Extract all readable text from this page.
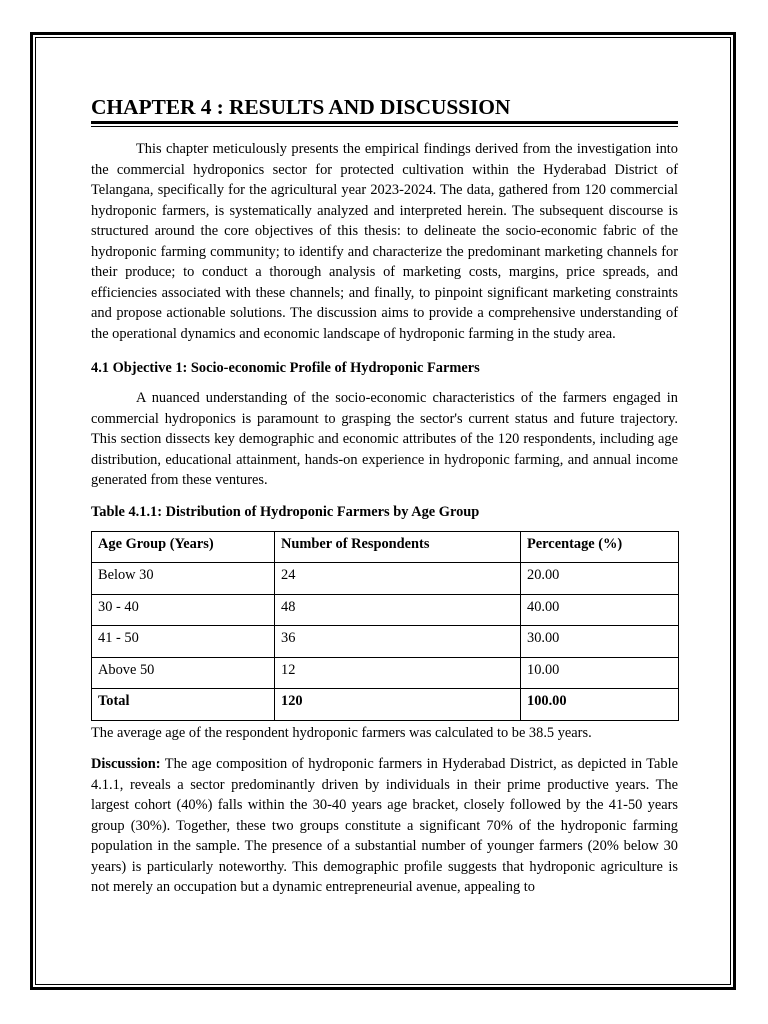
CHAPTER 4 : RESULTS AND DISCUSSION

This chapter meticulously presents the empirical findings derived from the investigation into the commercial hydroponics sector for protected cultivation within the Hyderabad District of Telangana, specifically for the agricultural year 2023-2024. The data, gathered from 120 commercial hydroponic farmers, is systematically analyzed and interpreted herein. The subsequent discourse is structured around the core objectives of this thesis: to delineate the socio-economic fabric of the hydroponic farming community; to identify and characterize the predominant marketing channels for their produce; to conduct a thorough analysis of marketing costs, margins, price spreads, and efficiencies associated with these channels; and finally, to pinpoint significant marketing constraints and propose actionable solutions. The discussion aims to provide a comprehensive understanding of the operational dynamics and economic landscape of hydroponic farming in the study area.

4.1 Objective 1: Socio-economic Profile of Hydroponic Farmers

A nuanced understanding of the socio-economic characteristics of the farmers engaged in commercial hydroponics is paramount to grasping the sector's current status and future trajectory. This section dissects key demographic and economic attributes of the 120 respondents, including age distribution, educational attainment, hands-on experience in hydroponic farming, and annual income generated from these ventures.

Table 4.1.1: Distribution of Hydroponic Farmers by Age Group
Age Group (Years)	Number of Respondents	Percentage (%)
Below 30	24	20.00
30 - 40	48	40.00
41 - 50	36	30.00
Above 50	12	10.00
Total	120	100.00

The average age of the respondent hydroponic farmers was calculated to be 38.5 years.

Discussion: The age composition of hydroponic farmers in Hyderabad District, as depicted in Table 4.1.1, reveals a sector predominantly driven by individuals in their prime productive years. The largest cohort (40%) falls within the 30-40 years age bracket, closely followed by the 41-50 years group (30%). Together, these two groups constitute a significant 70% of the hydroponic farming population in the sample. The presence of a substantial number of younger farmers (20% below 30 years) is particularly noteworthy. This demographic profile suggests that hydroponic agriculture is not merely an occupation but a dynamic entrepreneurial avenue, appealing to
